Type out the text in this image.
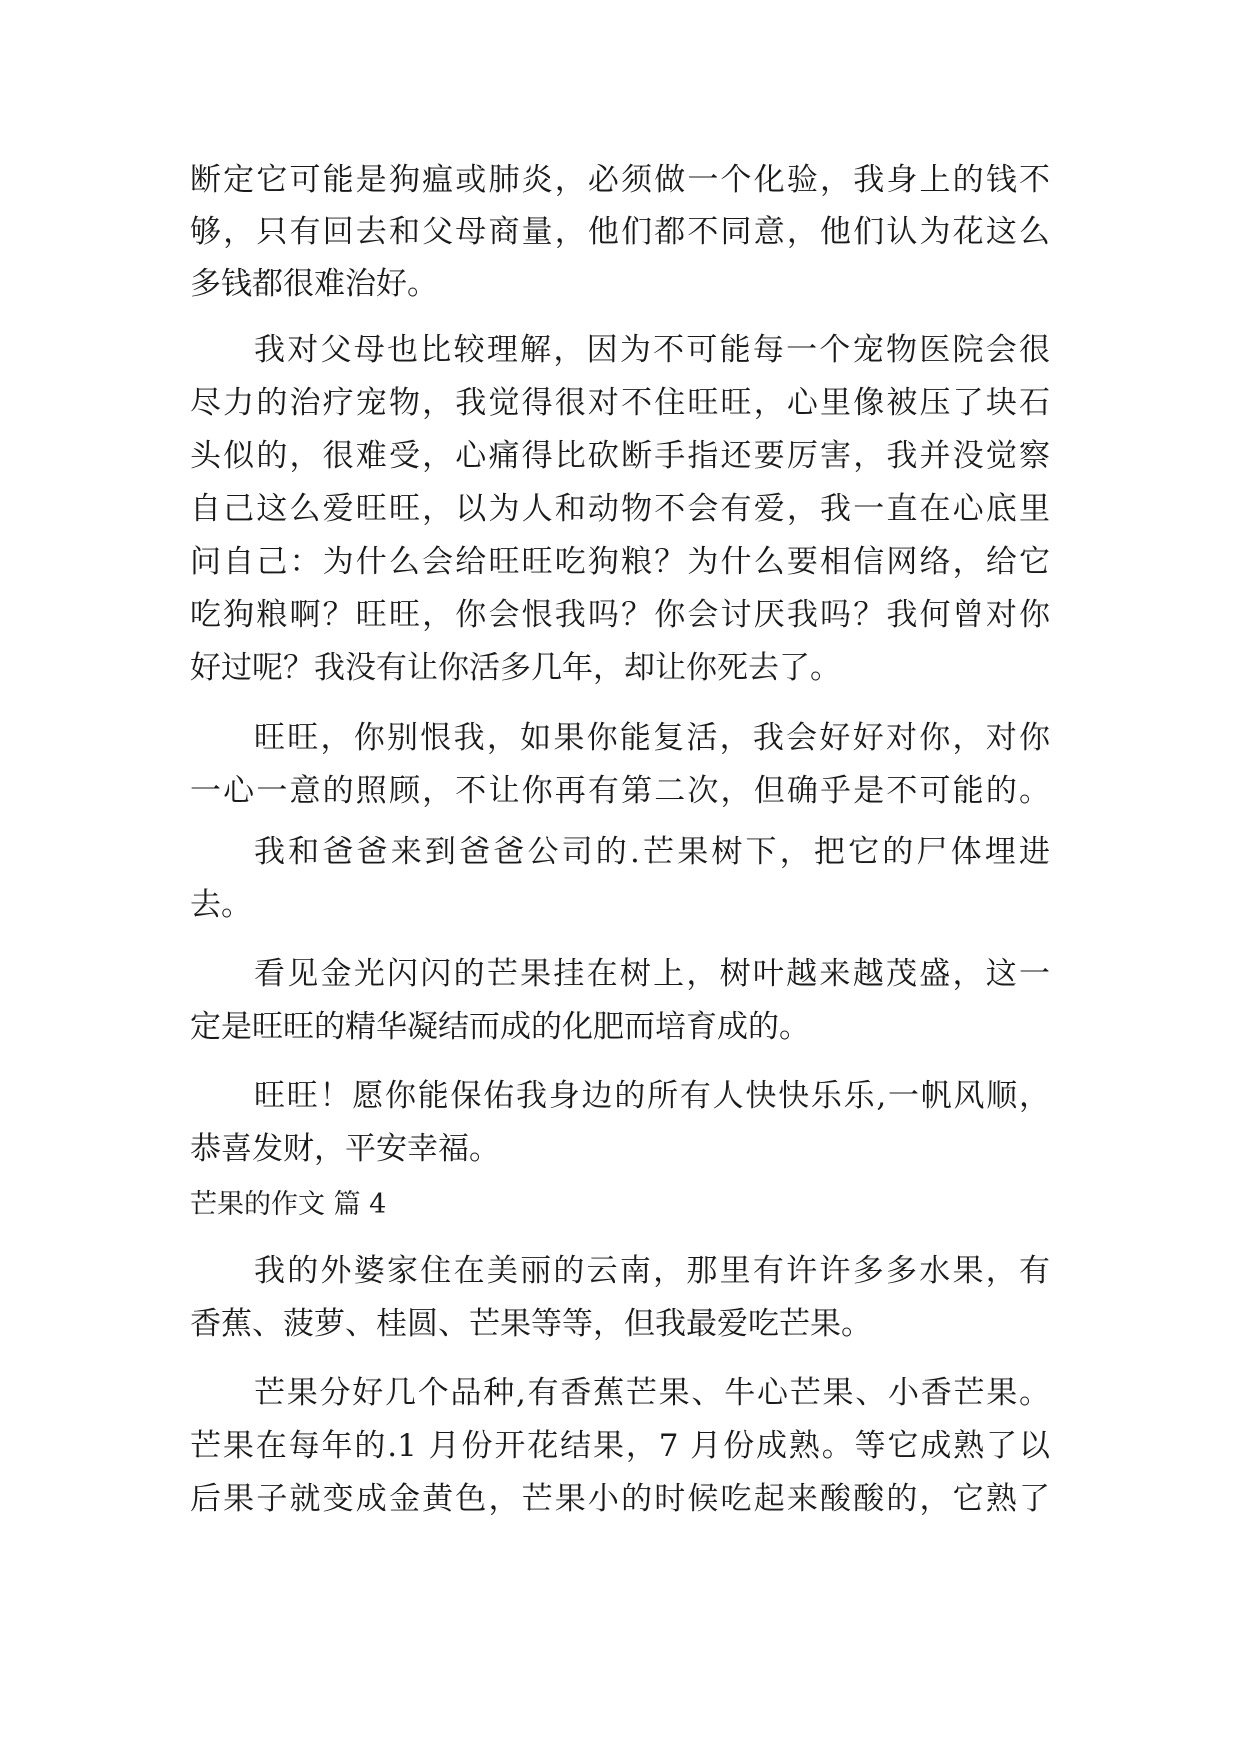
断定它可能是狗瘟或肺炎，必须做一个化验，我身上的钱不
够，只有回去和父母商量，他们都不同意，他们认为花这么
多钱都很难治好。
我对父母也比较理解，因为不可能每一个宠物医院会很
尽力的治疗宠物，我觉得很对不住旺旺，心里像被压了块石
头似的，很难受，心痛得比砍断手指还要厉害，我并没觉察
自己这么爱旺旺，以为人和动物不会有爱，我一直在心底里
问自己：为什么会给旺旺吃狗粮？为什么要相信网络，给它
吃狗粮啊？旺旺，你会恨我吗？你会讨厌我吗？我何曾对你
好过呢？我没有让你活多几年，却让你死去了。
旺旺，你别恨我，如果你能复活，我会好好对你，对你
一心一意的照顾，不让你再有第二次，但确乎是不可能的。
我和爸爸来到爸爸公司的.芒果树下，把它的尸体埋进
去。
看见金光闪闪的芒果挂在树上，树叶越来越茂盛，这一
定是旺旺的精华凝结而成的化肥而培育成的。
旺旺！愿你能保佑我身边的所有人快快乐乐,一帆风顺，
恭喜发财，平安幸福。
芒果的作文 篇 4
我的外婆家住在美丽的云南，那里有许许多多水果，有
香蕉、菠萝、桂圆、芒果等等，但我最爱吃芒果。
芒果分好几个品种,有香蕉芒果、牛心芒果、小香芒果。
芒果在每年的.1 月份开花结果，7 月份成熟。等它成熟了以
后果子就变成金黄色，芒果小的时候吃起来酸酸的，它熟了
